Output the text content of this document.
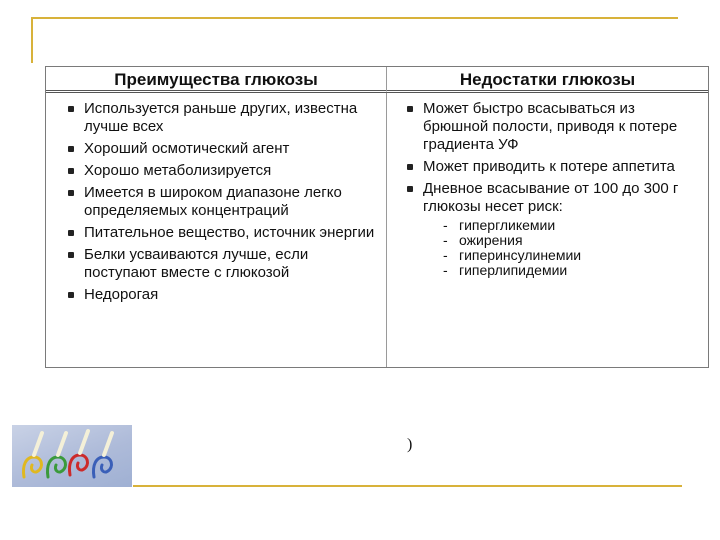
Преимущества глюкозы	Недостатки глюкозы
Используется раньше других, известна лучше всех
Хороший осмотический агент
Хорошо метаболизируется
Имеется в широком диапазоне легко определяемых концентраций
Питательное вещество, источник энергии
Белки усваиваются лучше, если поступают вместе с глюкозой
Недорогая
Может быстро всасываться из брюшной полости, приводя к потере градиента УФ
Может приводить к потере аппетита
Дневное всасывание от 100 до 300 г глюкозы несет риск:
- гипергликемии
- ожирения
- гиперинсулинемии
- гиперлипидемии
)
